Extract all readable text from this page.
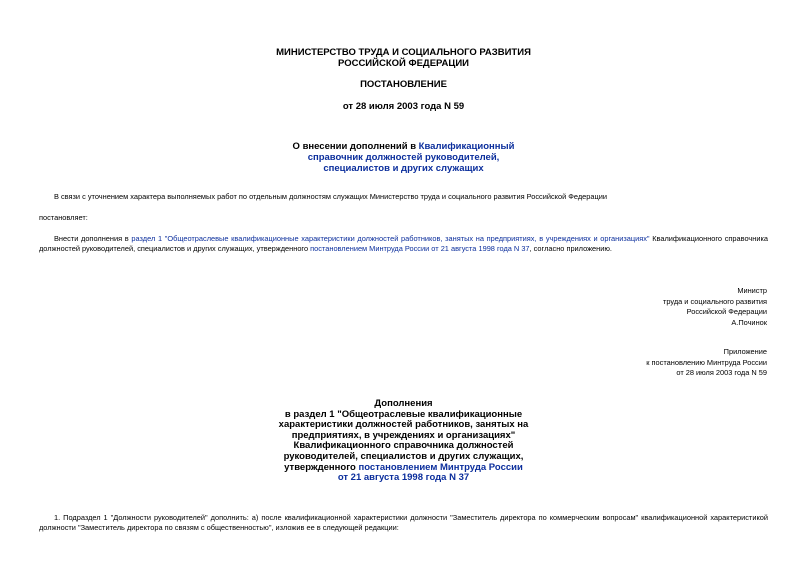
МИНИСТЕРСТВО ТРУДА И СОЦИАЛЬНОГО РАЗВИТИЯ
РОССИЙСКОЙ ФЕДЕРАЦИИ
ПОСТАНОВЛЕНИЕ
от 28 июля 2003 года N 59
О внесении дополнений в Квалификационный
справочник должностей руководителей,
специалистов и других служащих
В связи с уточнением характера выполняемых работ по отдельным должностям служащих Министерство труда и социального развития Российской Федерации
постановляет:
Внести дополнения в раздел 1 "Общеотраслевые квалификационные характеристики должностей работников, занятых на предприятиях, в учреждениях и организациях" Квалификационного справочника должностей руководителей, специалистов и других служащих, утвержденного постановлением Минтруда России от 21 августа 1998 года N 37, согласно приложению.
Министр
труда и социального развития
Российской Федерации
А.Починок
Приложение
к постановлению Минтруда России
от 28 июля 2003 года N 59
Дополнения
в раздел 1 "Общеотраслевые квалификационные
характеристики должностей работников, занятых на
предприятиях, в учреждениях и организациях"
Квалификационного справочника должностей
руководителей, специалистов и других служащих,
утвержденного постановлением Минтруда России
от 21 августа 1998 года N 37
1. Подраздел 1 "Должности руководителей" дополнить: а) после квалификационной характеристики должности "Заместитель директора по коммерческим вопросам" квалификационной характеристикой должности "Заместитель директора по связям с общественностью", изложив ее в следующей редакции:
